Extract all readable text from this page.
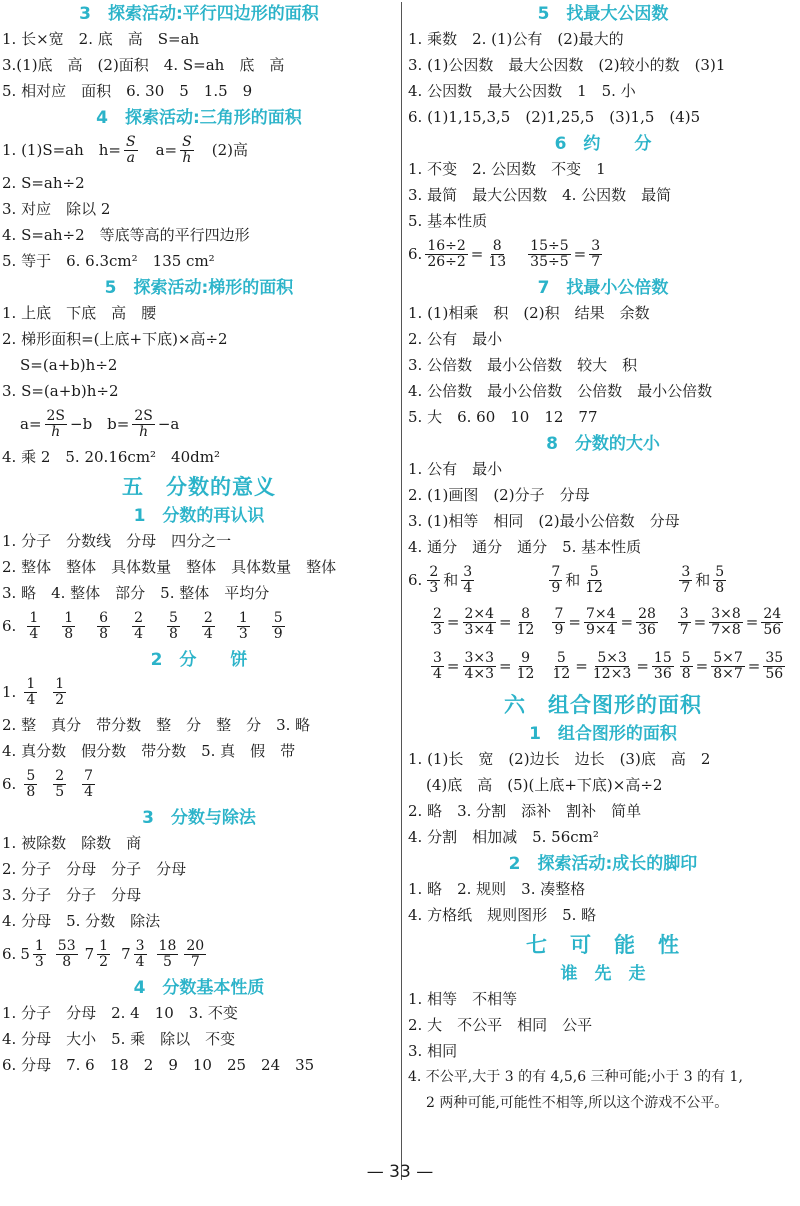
3　探索活动:平行四边形的面积
1. 长×宽　2. 底　高　S=ah
3.(1)底　高　(2)面积　4. S=ah　底　高
5. 相对应　面积　6. 30　5　1.5　9
4　探索活动:三角形的面积
1. (1)S=ah　$h= \frac{S}{a}$ 　$a= \frac{S}{h}$ 　(2)高
2. S=ah÷2
3. 对应　除以 2
4. S=ah÷2　等底等高的平行四边形
5. 等于　6. 6.3cm²　135 cm²
5　探索活动:梯形的面积
1. 上底　下底　高　腰
2. 梯形面积=(上底+下底)×高÷2
S=(a+b)h÷2
3. S=(a+b)h÷2
$a= \frac{2S}{h} -b$　$b= \frac{2S}{h} -a$
4. 乘 2　5. 20.16cm²　40dm²
五　分数的意义
1　分数的再认识
1. 分子　分数线　分母　四分之一
2. 整体　整体　具体数量　整体　具体数量　整体
3. 略　4. 整体　部分　5. 整体　平均分
6. $\frac{1}{4} \frac{1}{8} \frac{6}{8} \frac{2}{4} \frac{5}{8} \frac{2}{4} \frac{1}{3} \frac{5}{9}$
2　分　　饼
1. $\frac{1}{4} \frac{1}{2}$
2. 整　真分　带分数　整　分　整　分　3. 略
4. 真分数　假分数　带分数　5. 真　假　带
6. $\frac{5}{8} \frac{2}{5} \frac{7}{4}$
3　分数与除法
1. 被除数　除数　商
2. 分子　分母　分子　分母
3. 分子　分子　分母
4. 分母　5. 分数　除法
6. $5 \frac{1}{3} \frac{53}{8} 7 \frac{1}{2} 7 \frac{3}{4} \frac{18}{5} \frac{20}{7}$
4　分数基本性质
1. 分子　分母　2. 4　10　3. 不变
4. 分母　大小　5. 乘　除以　不变
6. 分母　7. 6　18　2　9　10　25　24　35
5　找最大公因数
1. 乘数　2. (1)公有　(2)最大的
3. (1)公因数　最大公因数　(2)较小的数　(3)1
4. 公因数　最大公因数　1　5. 小
6. (1)1,15,3,5　(2)1,25,5　(3)1,5　(4)5
6　约　　分
1. 不变　2. 公因数　不变　1
3. 最简　最大公因数　4. 公因数　最简
5. 基本性质
6. $\frac{16\div 2}{26\div 2} = \frac{8}{13} \frac{15\div 5}{35\div 5} = \frac{3}{7}$
7　找最小公倍数
1. (1)相乘　积　(2)积　结果　余数
2. 公有　最小
3. 公倍数　最小公倍数　较大　积
4. 公倍数　最小公倍数　公倍数　最小公倍数
5. 大　6. 60　10　12　77
8　分数的大小
1. 公有　最小
2. (1)画图　(2)分子　分母
3. (1)相等　相同　(2)最小公倍数　分母
4. 通分　通分　通分　5. 基本性质
6. $\frac{2}{3}$ 和 $\frac{3}{4}$	$\frac{7}{9}$ 和 $\frac{5}{12}$	$\frac{3}{7}$ 和 $\frac{5}{8}$
$\frac{2}{3} = \frac{2\times 4}{3\times 4} = \frac{8}{12} \frac{7}{9} = \frac{7\times 4}{9\times 4} = \frac{28}{36} \frac{3}{7} = \frac{3\times 8}{7\times 8} = \frac{24}{56}$
$\frac{3}{4} = \frac{3\times 3}{4\times 3} = \frac{9}{12} \frac{5}{12} = \frac{5\times 3}{12\times 3} = \frac{15}{36} \frac{5}{8} = \frac{5\times 7}{8\times 7} = \frac{35}{56}$
六　组合图形的面积
1　组合图形的面积
1. (1)长　宽　(2)边长　边长　(3)底　高　2
(4)底　高　(5)(上底+下底)×高÷2
2. 略　3. 分割　添补　割补　简单
4. 分割　相加减　5. 56cm²
2　探索活动:成长的脚印
1. 略　2. 规则　3. 凑整格
4. 方格纸　规则图形　5. 略
七　可　能　性
谁　先　走
1. 相等　不相等
2. 大　不公平　相同　公平
3. 相同
4. 不公平,大于 3 的有 4,5,6 三种可能;小于 3 的有 1,
2 两种可能,可能性不相等,所以这个游戏不公平。
— 33 —
